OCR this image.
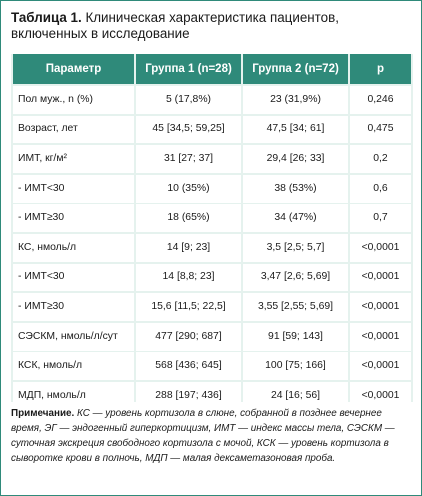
Таблица 1. Клиническая характеристика пациентов, включенных в исследование
Параметр	Группа 1 (n=28)	Группа 2 (n=72)	p
Пол муж., n (%)	5 (17,8%)	23 (31,9%)	0,246
Возраст, лет	45 [34,5; 59,25]	47,5 [34; 61]	0,475
ИМТ, кг/м²	31 [27; 37]	29,4 [26; 33]	0,2
- ИМТ<30	10 (35%)	38 (53%)	0,6
- ИМТ≥30	18 (65%)	34 (47%)	0,7
КС, нмоль/л	14 [9; 23]	3,5 [2,5; 5,7]	<0,0001
- ИМТ<30	14 [8,8; 23]	3,47 [2,6; 5,69]	<0,0001
- ИМТ≥30	15,6 [11,5; 22,5]	3,55 [2,55; 5,69]	<0,0001
СЭСКМ, нмоль/л/сут	477 [290; 687]	91 [59; 143]	<0,0001
КСК, нмоль/л	568 [436; 645]	100 [75; 166]	<0,0001
МДП, нмоль/л	288 [197; 436]	24 [16; 56]	<0,0001
Примечание. КС — уровень кортизола в слюне, собранной в позднее вечернее время, ЭГ — эндогенный гиперкортицизм, ИМТ — индекс массы тела, СЭСКМ — суточная экскреция свободного кортизола с мочой, КСК — уровень кортизола в сыворотке крови в полночь, МДП — малая дексаметазоновая проба.
